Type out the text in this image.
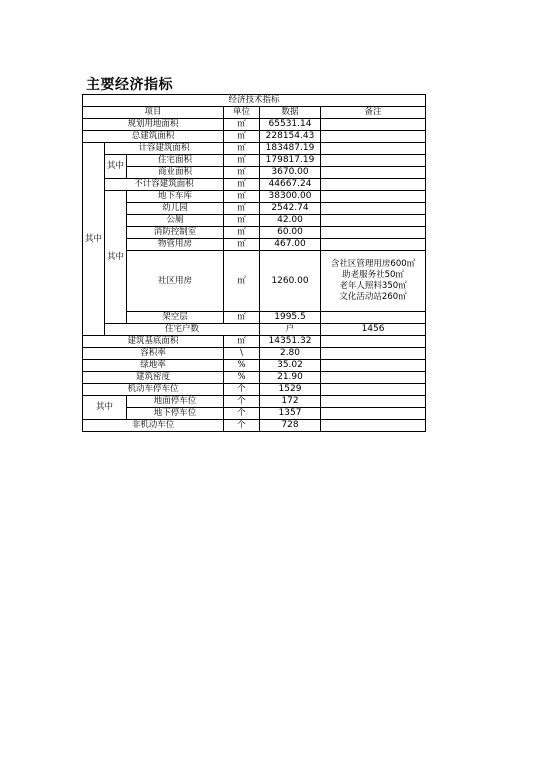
主要经济指标
经济技术指标						
项目			单位	数据	备注	
规划用地面积			㎡	65531.14		
总建筑面积			㎡	228154.43		
其中	计容建筑面积		㎡	183487.19		
	其中	住宅面积	㎡	179817.19		
		商业面积	㎡	3670.00		
	不计容建筑面积		㎡	44667.24		
	其中	地下车库	㎡	38300.00		
		幼儿园	㎡	2542.74		
		公厕	㎡	42.00		
		消防控制室	㎡	60.00		
		物管用房	㎡	467.00		
		社区用房	㎡	1260.00	含社区管理用房600㎡
助老服务社50㎡
老年人照料350㎡
文化活动站260㎡	

		架空层	㎡	1995.5		
	住宅户数			户	1456	
建筑基底面积			㎡	14351.32		
容积率			\	2.80		
绿地率			%	35.02		
建筑密度			%	21.90		
机动车停车位			个	1529		
其中		地面停车位	个	172		
		地下停车位	个	1357		
非机动车位			个	728		
